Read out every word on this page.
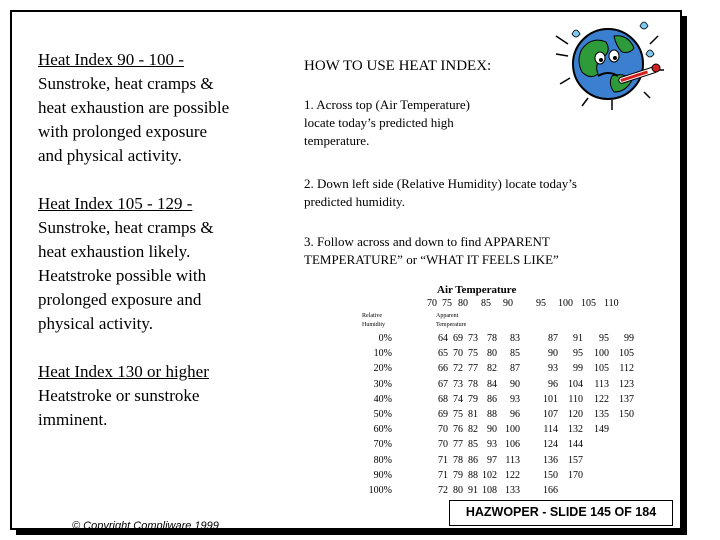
Heat Index 90 - 100 -
Sunstroke, heat cramps &
heat exhaustion are possible
with prolonged exposure
and physical activity.
Heat Index 105 - 129 -
Sunstroke, heat cramps &
heat exhaustion likely.
Heatstroke possible with
prolonged exposure and
physical activity.
Heat Index 130 or higher
Heatstroke or sunstroke
imminent.
HOW TO USE HEAT INDEX:
1. Across top (Air Temperature)
locate today’s predicted high
temperature.
2. Down left side (Relative Humidity) locate today’s
predicted humidity.
3. Follow across and down to find APPARENT
TEMPERATURE” or “WHAT IT FEELS LIKE”
Air Temperature
Relative
Humidity
Apparent
Temperature
© Copyright Compliware 1999
HAZWOPER - SLIDE 145 OF 184
70 75 80 85 90 95 100 105 110
0%	64 69 73 78	83	87	91	95	99
10%	65 70 75 80	85	90	95	100	105
20%	66 72 77 82	87	93	99	105	112
30%	67 73 78 84	90	96	104	113	123
40%	68 74 79 86	93	101	110	122	137
50%	69 75 81 88	96	107	120	135	150
60%	70 76 82 90 100	114	132	149
70%	70 77 85 93 106	124	144
80%	71 78 86 97 113	136	157
90%	71 79 88 102 122	150	170
100%	72 80 91 108 133	166
